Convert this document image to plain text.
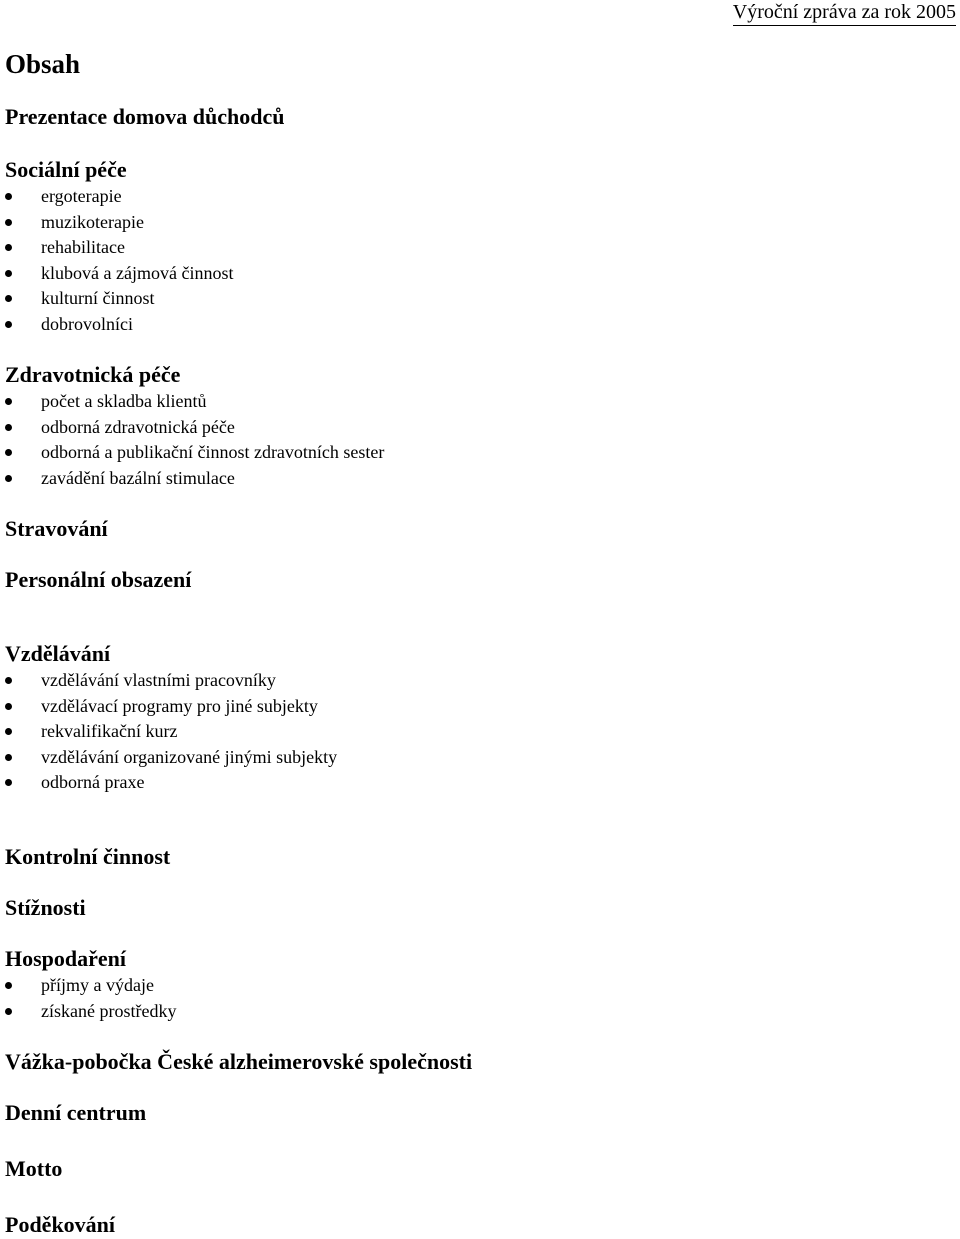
Výroční zpráva za rok 2005
Obsah
Prezentace domova důchodců
Sociální péče
ergoterapie
muzikoterapie
rehabilitace
klubová a zájmová činnost
kulturní činnost
dobrovolníci
Zdravotnická péče
počet a skladba klientů
odborná zdravotnická péče
odborná a publikační činnost zdravotních sester
zavádění bazální stimulace
Stravování
Personální obsazení
Vzdělávání
vzdělávání vlastními pracovníky
vzdělávací programy pro jiné subjekty
rekvalifikační kurz
vzdělávání organizované jinými subjekty
odborná praxe
Kontrolní činnost
Stížnosti
Hospodaření
příjmy a výdaje
získané prostředky
Vážka-pobočka České alzheimerovské společnosti
Denní centrum
Motto
Poděkování
